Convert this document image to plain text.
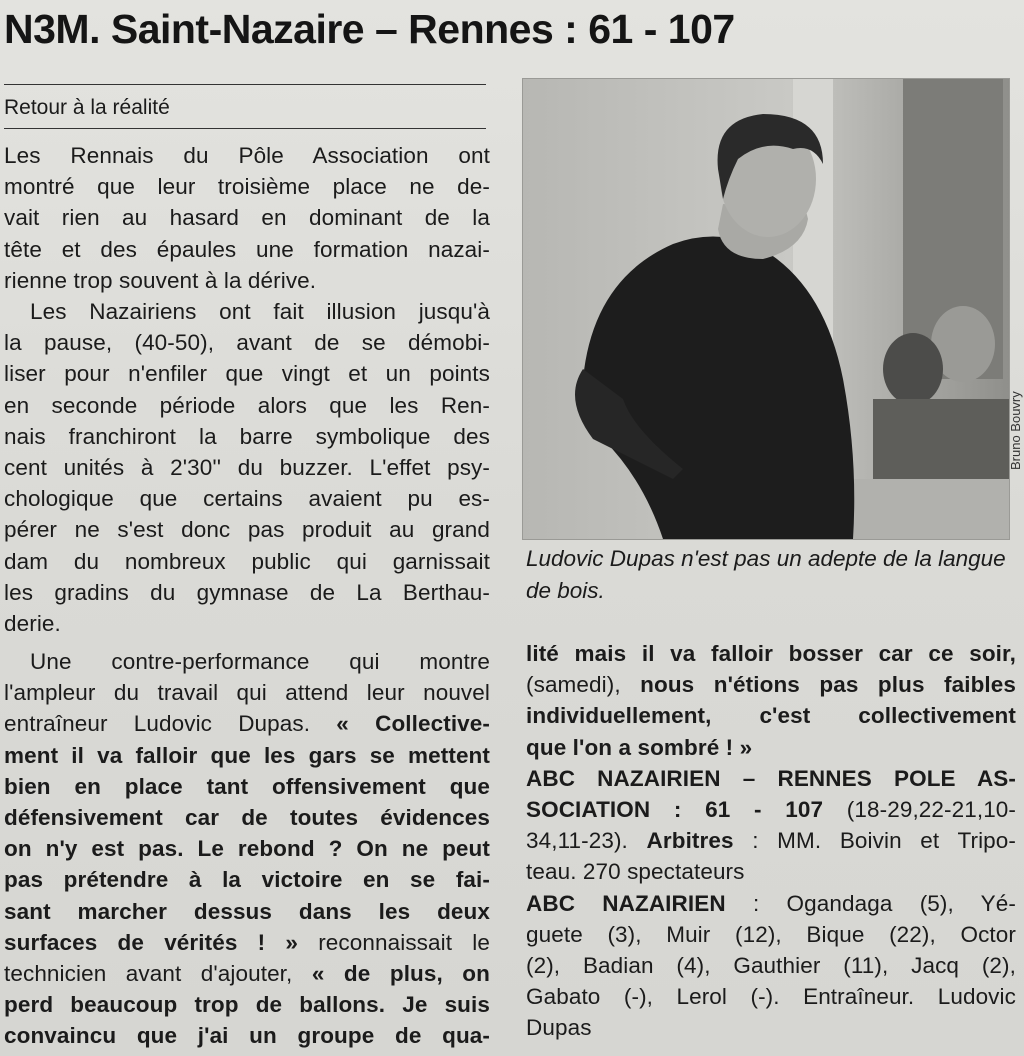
N3M. Saint-Nazaire – Rennes : 61 - 107

Retour à la réalité

Les Rennais du Pôle Association ont
montré que leur troisième place ne de-
vait rien au hasard en dominant de la
tête et des épaules une formation nazai-
rienne trop souvent à la dérive.
Les Nazairiens ont fait illusion jusqu'à
la pause, (40-50), avant de se démobi-
liser pour n'enfiler que vingt et un points
en seconde période alors que les Ren-
nais franchiront la barre symbolique des
cent unités à 2'30'' du buzzer. L'effet psy-
chologique que certains avaient pu es-
pérer ne s'est donc pas produit au grand
dam du nombreux public qui garnissait
les gradins du gymnase de La Berthau-
derie.
Une contre-performance qui montre
l'ampleur du travail qui attend leur nouvel
entraîneur Ludovic Dupas. « Collective-
ment il va falloir que les gars se mettent
bien en place tant offensivement que
défensivement car de toutes évidences
on n'y est pas. Le rebond ? On ne peut
pas prétendre à la victoire en se fai-
sant marcher dessus dans les deux
surfaces de vérités ! » reconnaissait le
technicien avant d'ajouter, « de plus, on
perd beaucoup trop de ballons. Je suis
convaincu que j'ai un groupe de qua-
Bruno Bouvry

Ludovic Dupas n'est pas un adepte de la langue de bois.

lité mais il va falloir bosser car ce soir,
(samedi), nous n'étions pas plus faibles
individuellement, c'est collectivement
que l'on a sombré ! »
ABC NAZAIRIEN – RENNES POLE AS-
SOCIATION : 61 - 107 (18-29,22-21,10-
34,11-23). Arbitres : MM. Boivin et Tripo-
teau. 270 spectateurs
ABC NAZAIRIEN : Ogandaga (5), Yé-
guete (3), Muir (12), Bique (22), Octor
(2), Badian (4), Gauthier (11), Jacq (2),
Gabato (-), Lerol (-). Entraîneur. Ludovic
Dupas
